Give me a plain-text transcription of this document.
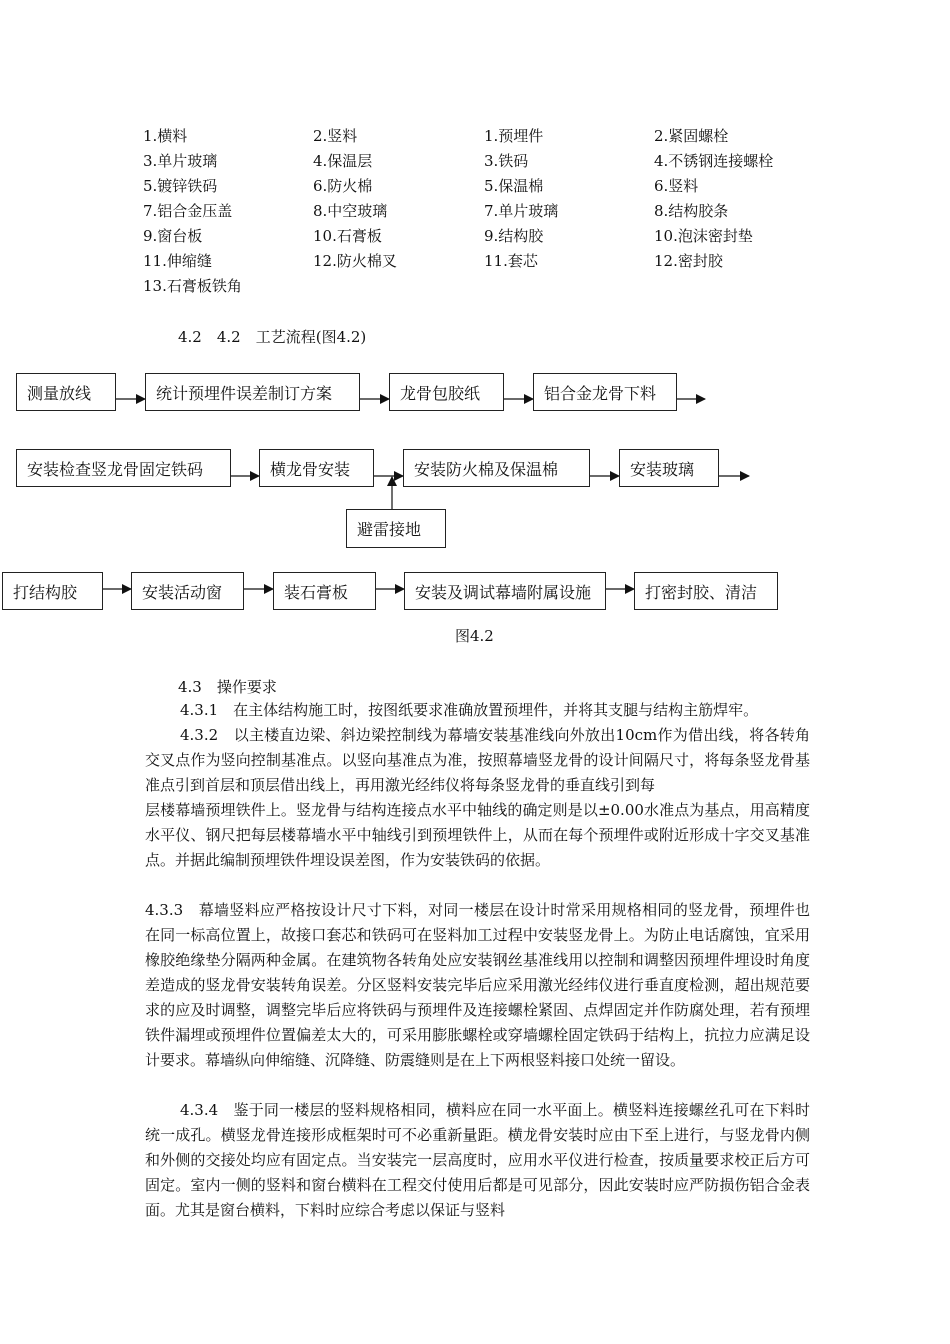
1.横料	2.竖料	1.预埋件	2.紧固螺栓
3.单片玻璃	4.保温层	3.铁码	4.不锈钢连接螺栓
5.镀锌铁码	6.防火棉	5.保温棉	6.竖料
7.铝合金压盖	8.中空玻璃	7.单片玻璃	8.结构胶条
9.窗台板	10.石膏板	9.结构胶	10.泡沫密封垫
11.伸缩缝	12.防火棉叉	11.套芯	12.密封胶
13.石膏板铁角
4.2　4.2　工艺流程(图4.2)
测量放线	统计预埋件误差制订方案	龙骨包胶纸	铝合金龙骨下料
安装检查竖龙骨固定铁码	横龙骨安装	安装防火棉及保温棉	安装玻璃
避雷接地
打结构胶	安装活动窗	装石膏板	安装及调试幕墙附属设施	打密封胶、清洁
图4.2
4.3　操作要求

4.3.1　在主体结构施工时，按图纸要求准确放置预埋件，并将其支腿与结构主筋焊牢。

4.3.2　以主楼直边梁、斜边梁控制线为幕墙安装基准线向外放出10cm作为借出线，将各转角交叉点作为竖向控制基准点。以竖向基准点为准，按照幕墙竖龙骨的设计间隔尺寸，将每条竖龙骨基准点引到首层和顶层借出线上，再用激光经纬仪将每条竖龙骨的垂直线引到每

层楼幕墙预埋铁件上。竖龙骨与结构连接点水平中轴线的确定则是以±0.00水准点为基点，用高精度水平仪、钢尺把每层楼幕墙水平中轴线引到预埋铁件上，从而在每个预埋件或附近形成十字交叉基准点。并据此编制预埋铁件埋设误差图，作为安装铁码的依据。

4.3.3　幕墙竖料应严格按设计尺寸下料，对同一楼层在设计时常采用规格相同的竖龙骨，预埋件也在同一标高位置上，故接口套芯和铁码可在竖料加工过程中安装竖龙骨上。为防止电话腐蚀，宜采用橡胶绝缘垫分隔两种金属。在建筑物各转角处应安装钢丝基准线用以控制和调整因预埋件埋设时角度差造成的竖龙骨安装转角误差。分区竖料安装完毕后应采用激光经纬仪进行垂直度检测，超出规范要求的应及时调整，调整完毕后应将铁码与预埋件及连接螺栓紧固、点焊固定并作防腐处理，若有预埋铁件漏埋或预埋件位置偏差太大的，可采用膨胀螺栓或穿墙螺栓固定铁码于结构上，抗拉力应满足设计要求。幕墙纵向伸缩缝、沉降缝、防震缝则是在上下两根竖料接口处统一留设。

4.3.4　鉴于同一楼层的竖料规格相同，横料应在同一水平面上。横竖料连接螺丝孔可在下料时统一成孔。横竖龙骨连接形成框架时可不必重新量距。横龙骨安装时应由下至上进行，与竖龙骨内侧和外侧的交接处均应有固定点。当安装完一层高度时，应用水平仪进行检查，按质量要求校正后方可固定。室内一侧的竖料和窗台横料在工程交付使用后都是可见部分，因此安装时应严防损伤铝合金表面。尤其是窗台横料，下料时应综合考虑以保证与竖料
